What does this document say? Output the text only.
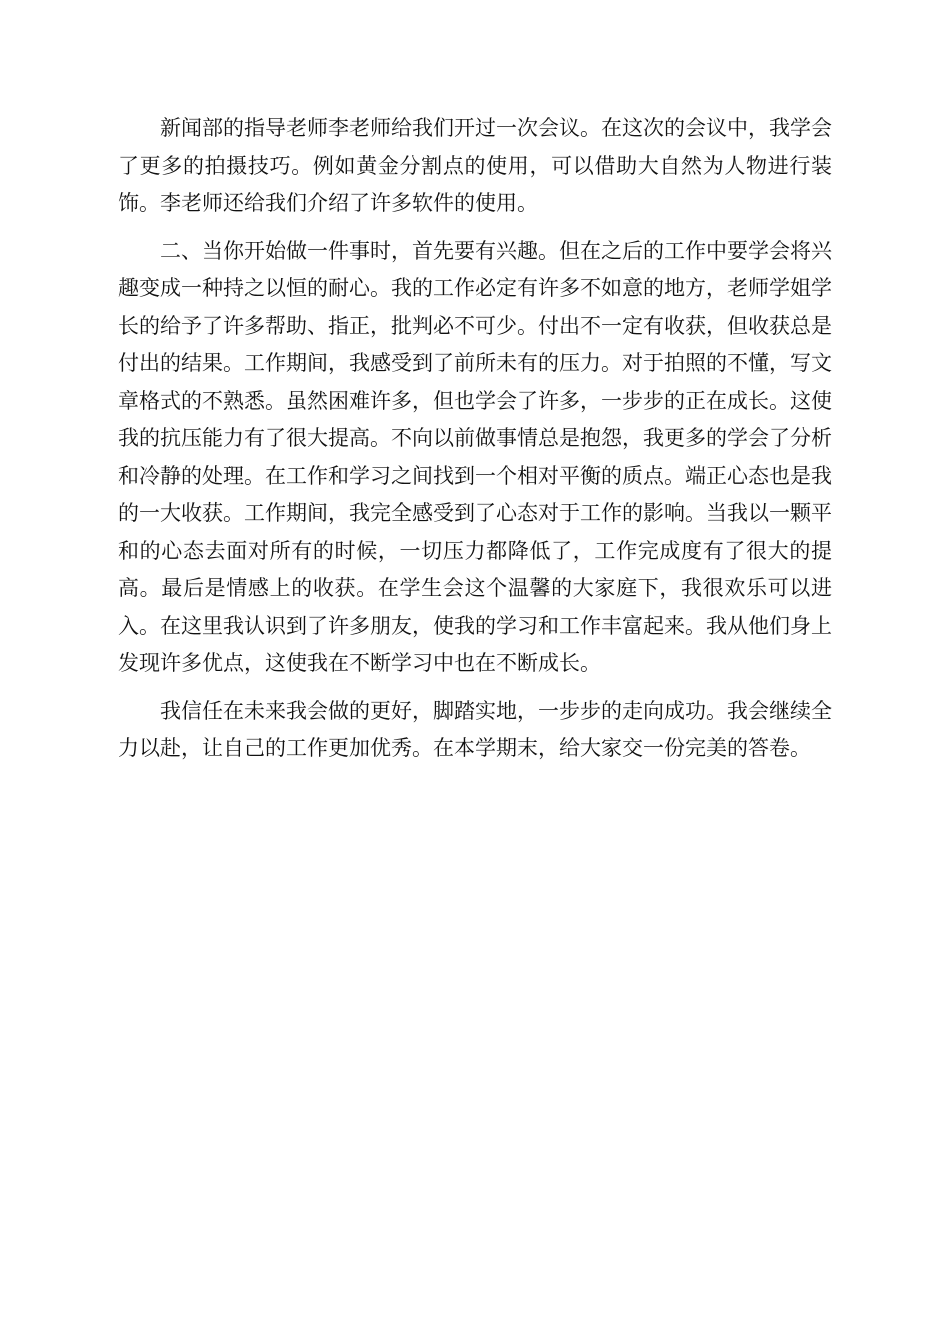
新闻部的指导老师李老师给我们开过一次会议。在这次的会议中，我学会了更多的拍摄技巧。例如黄金分割点的使用，可以借助大自然为人物进行装饰。李老师还给我们介绍了许多软件的使用。

二、当你开始做一件事时，首先要有兴趣。但在之后的工作中要学会将兴趣变成一种持之以恒的耐心。我的工作必定有许多不如意的地方，老师学姐学长的给予了许多帮助、指正，批判必不可少。付出不一定有收获，但收获总是付出的结果。工作期间，我感受到了前所未有的压力。对于拍照的不懂，写文章格式的不熟悉。虽然困难许多，但也学会了许多，一步步的正在成长。这使我的抗压能力有了很大提高。不向以前做事情总是抱怨，我更多的学会了分析和冷静的处理。在工作和学习之间找到一个相对平衡的质点。端正心态也是我的一大收获。工作期间，我完全感受到了心态对于工作的影响。当我以一颗平和的心态去面对所有的时候，一切压力都降低了，工作完成度有了很大的提高。最后是情感上的收获。在学生会这个温馨的大家庭下，我很欢乐可以进入。在这里我认识到了许多朋友，使我的学习和工作丰富起来。我从他们身上发现许多优点，这使我在不断学习中也在不断成长。

我信任在未来我会做的更好，脚踏实地，一步步的走向成功。我会继续全力以赴，让自己的工作更加优秀。在本学期末，给大家交一份完美的答卷。
